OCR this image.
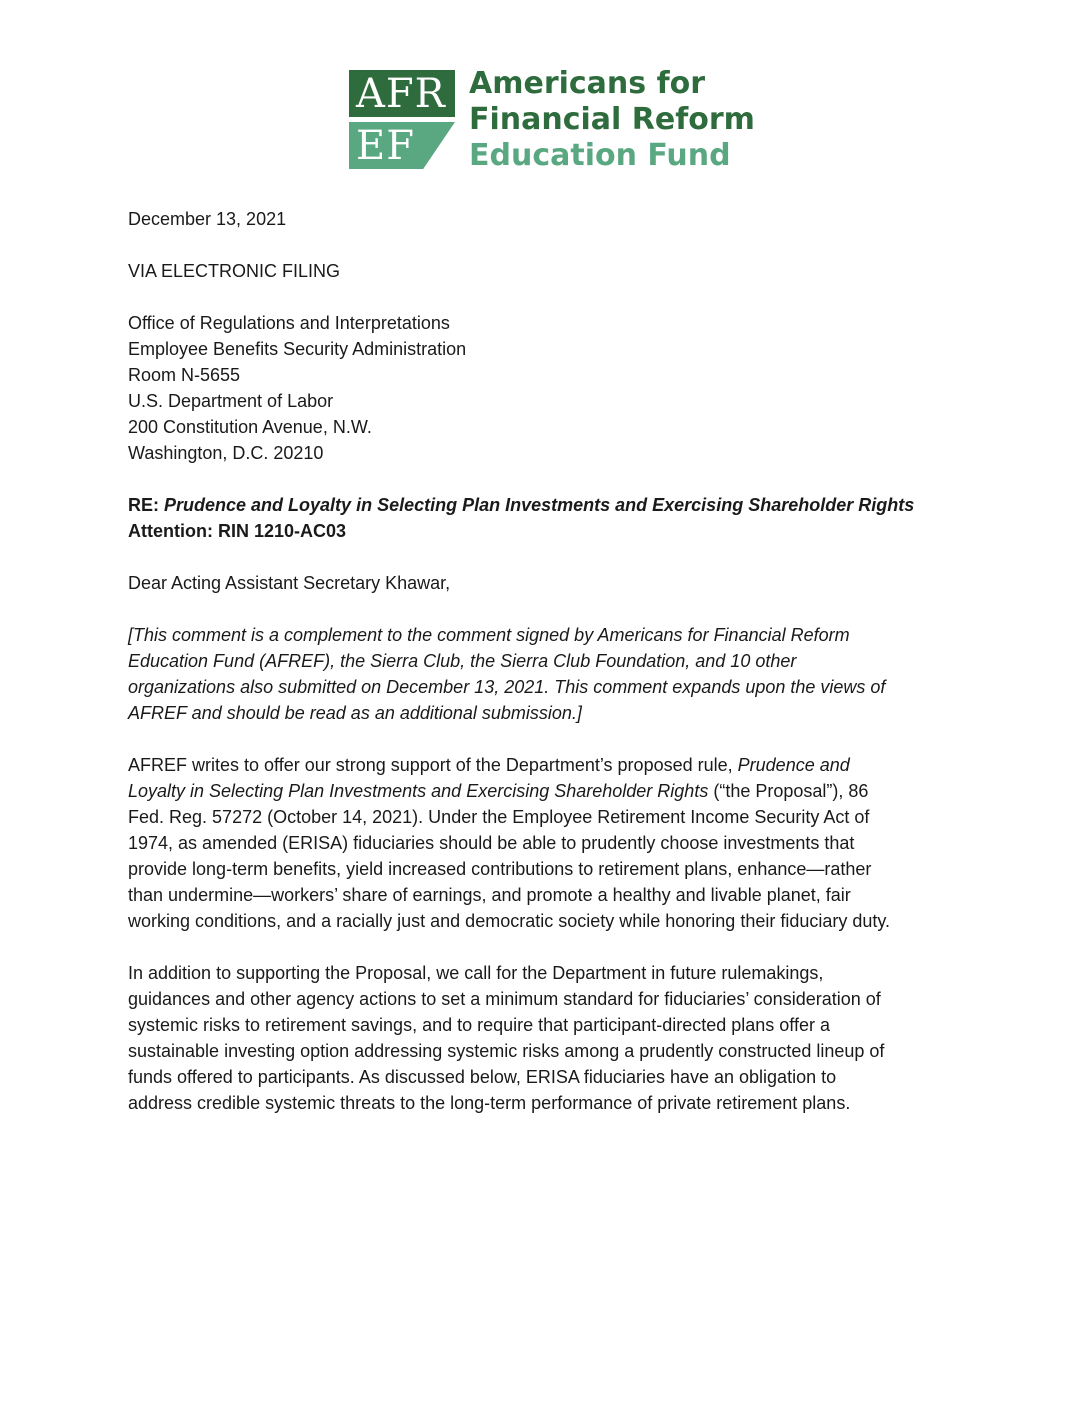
AFR
EF
Americans for
Financial Reform
Education Fund

December 13, 2021

VIA ELECTRONIC FILING

Office of Regulations and Interpretations

Employee Benefits Security Administration

Room N-5655

U.S. Department of Labor

200 Constitution Avenue, N.W.

Washington, D.C. 20210

RE: Prudence and Loyalty in Selecting Plan Investments and Exercising Shareholder Rights

Attention: RIN 1210-AC03

Dear Acting Assistant Secretary Khawar,

[This comment is a complement to the comment signed by Americans for Financial Reform

Education Fund (AFREF), the Sierra Club, the Sierra Club Foundation, and 10 other

organizations also submitted on December 13, 2021. This comment expands upon the views of

AFREF and should be read as an additional submission.]

AFREF writes to offer our strong support of the Department’s proposed rule, Prudence and

Loyalty in Selecting Plan Investments and Exercising Shareholder Rights (“the Proposal”), 86

Fed. Reg. 57272 (October 14, 2021). Under the Employee Retirement Income Security Act of

1974, as amended (ERISA) fiduciaries should be able to prudently choose investments that

provide long-term benefits, yield increased contributions to retirement plans, enhance—rather

than undermine—workers’ share of earnings, and promote a healthy and livable planet, fair

working conditions, and a racially just and democratic society while honoring their fiduciary duty.

In addition to supporting the Proposal, we call for the Department in future rulemakings,

guidances and other agency actions to set a minimum standard for fiduciaries’ consideration of

systemic risks to retirement savings, and to require that participant-directed plans offer a

sustainable investing option addressing systemic risks among a prudently constructed lineup of

funds offered to participants. As discussed below, ERISA fiduciaries have an obligation to

address credible systemic threats to the long-term performance of private retirement plans.
